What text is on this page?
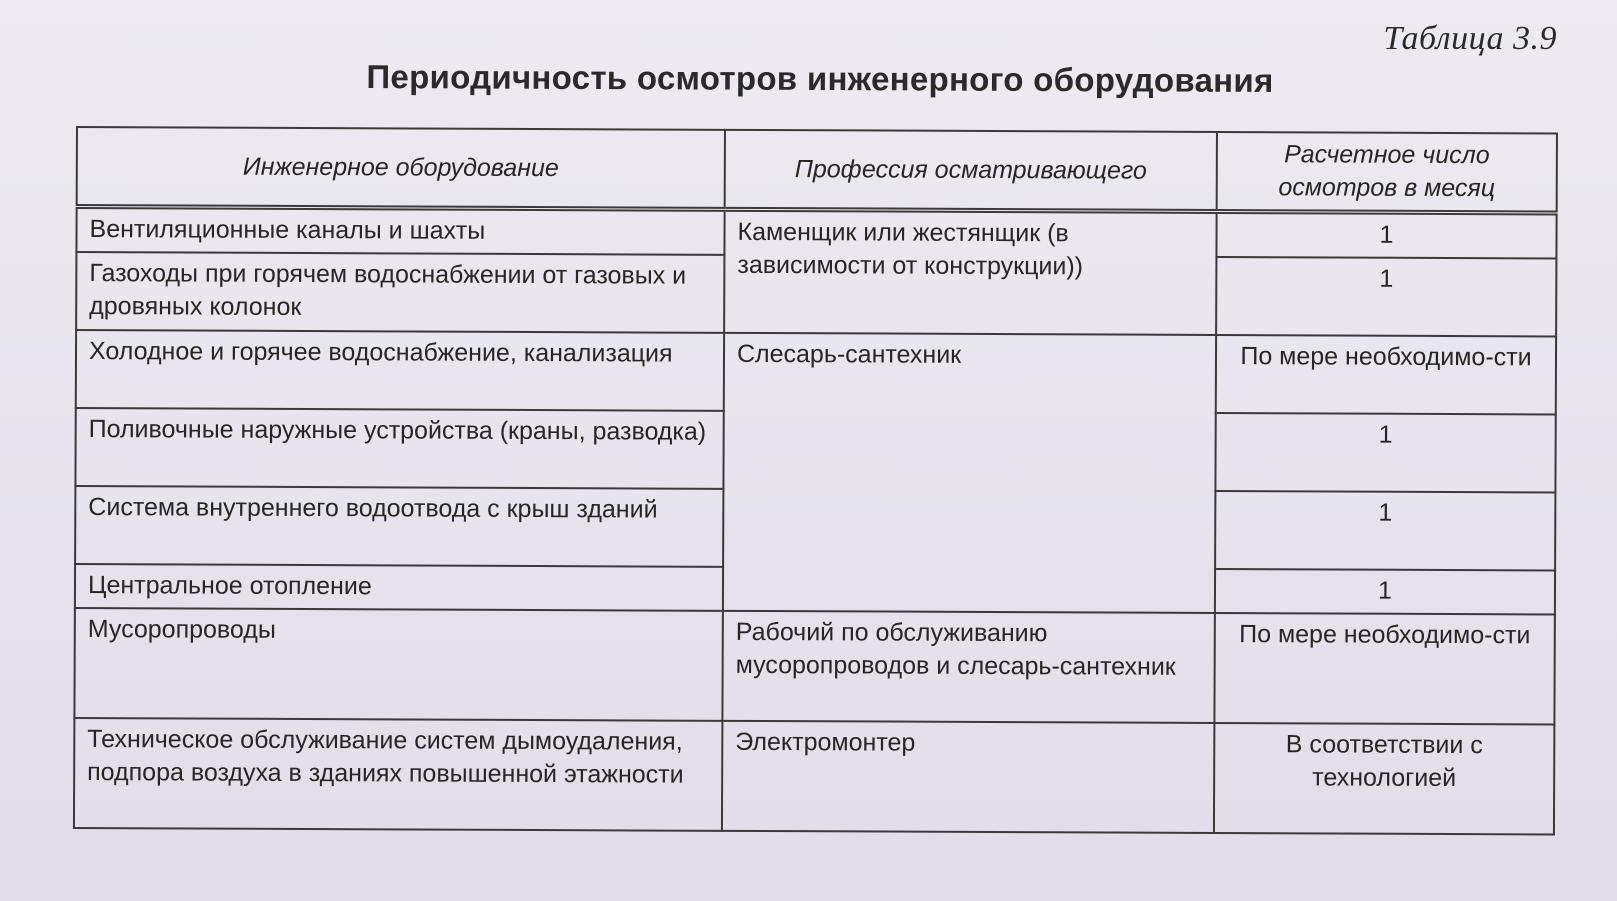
Таблица 3.9
Периодичность осмотров инженерного оборудования
Инженерное оборудование	Профессия осматривающего	Расчетное число осмотров в месяц
Вентиляционные каналы и шахты	Каменщик или жестянщик (в зависимости от конструкции))	1
Газоходы при горячем водоснабжении от газовых и дровяных колонок		1
Холодное и горячее водоснабжение, канализация	Слесарь-сантехник	По мере необходимо-сти
Поливочные наружные устройства (краны, разводка)		1
Система внутреннего водоотвода с крыш зданий		1
Центральное отопление		1
Мусоропроводы	Рабочий по обслуживанию мусоропроводов и слесарь-сантехник	По мере необходимо-сти
Техническое обслуживание систем дымоудаления, подпора воздуха в зданиях повышенной этажности	Электромонтер	В соответствии с технологией
